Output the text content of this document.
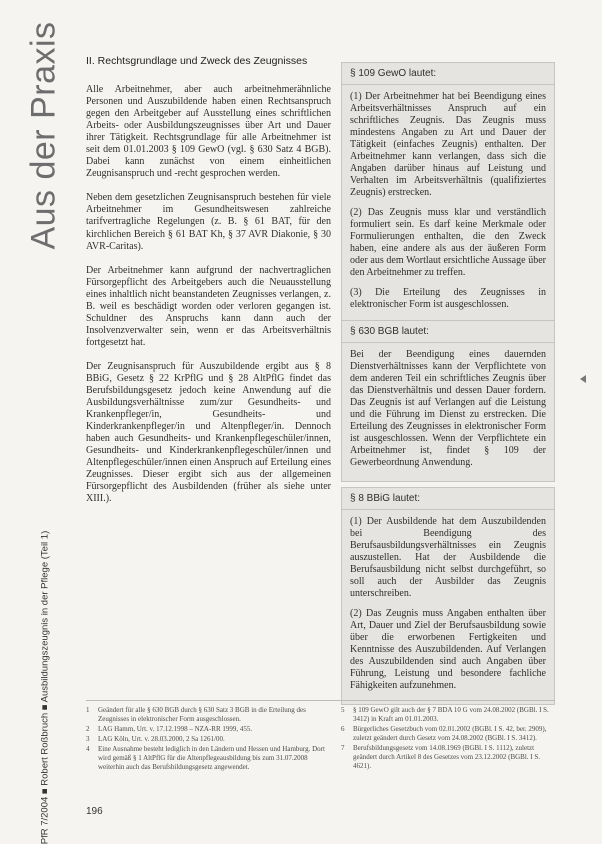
Aus der Praxis
PfR 7/2004 ■ Robert Roßbruch ■ Ausbildungszeugnis in der Pflege (Teil 1)	196
II. Rechtsgrundlage und Zweck des Zeugnisses

Alle Arbeitnehmer, aber auch arbeitnehmerähnliche Personen und Auszubildende haben einen Rechtsanspruch gegen den Arbeitgeber auf Ausstellung eines schriftlichen Arbeits- oder Ausbildungszeugnisses über Art und Dauer ihrer Tätigkeit. Rechtsgrundlage für alle Arbeitnehmer ist seit dem 01.01.2003 § 109 GewO (vgl. § 630 Satz 4 BGB). Dabei kann zunächst von einem einheitlichen Zeugnisanspruch und -recht gesprochen werden.

Neben dem gesetzlichen Zeugnisanspruch bestehen für viele Arbeitnehmer im Gesundheitswesen zahlreiche tarifvertragliche Regelungen (z. B. § 61 BAT, für den kirchlichen Bereich § 61 BAT Kh, § 37 AVR Diakonie, § 30 AVR-Caritas).

Der Arbeitnehmer kann aufgrund der nachvertraglichen Fürsorgepflicht des Arbeitgebers auch die Neuausstellung eines inhaltlich nicht beanstandeten Zeugnisses verlangen, z. B. weil es beschädigt worden oder verloren gegangen ist. Schuldner des Anspruchs kann dann auch der Insolvenzverwalter sein, wenn er das Arbeitsverhältnis fortgesetzt hat.

Der Zeugnisanspruch für Auszubildende ergibt aus § 8 BBiG, Gesetz § 22 KrPflG und § 28 AltPflG findet das Berufsbildungsgesetz jedoch keine Anwendung auf die Ausbildungsverhältnisse zum/zur Gesundheits- und Krankenpfleger/in, Gesundheits- und Kinderkrankenpfleger/in und Altenpfleger/in. Dennoch haben auch Gesundheits- und Krankenpflegeschüler/innen, Gesundheits- und Kinderkrankenpflegeschüler/innen und Altenpflegeschüler/innen einen Anspruch auf Erteilung eines Zeugnisses. Dieser ergibt sich aus der allgemeinen Fürsorgepflicht des Ausbildenden (früher als siehe unter XIII.).

§ 109 GewO lautet:

(1) Der Arbeitnehmer hat bei Beendigung eines Arbeitsverhältnisses Anspruch auf ein schriftliches Zeugnis. Das Zeugnis muss mindestens Angaben zu Art und Dauer der Tätigkeit (einfaches Zeugnis) enthalten. Der Arbeitnehmer kann verlangen, dass sich die Angaben darüber hinaus auf Leistung und Verhalten im Arbeitsverhältnis (qualifiziertes Zeugnis) erstrecken.

(2) Das Zeugnis muss klar und verständlich formuliert sein. Es darf keine Merkmale oder Formulierungen enthalten, die den Zweck haben, eine andere als aus der äußeren Form oder aus dem Wortlaut ersichtliche Aussage über den Arbeitnehmer zu treffen.

(3) Die Erteilung des Zeugnisses in elektronischer Form ist ausgeschlossen.

§ 630 BGB lautet:

Bei der Beendigung eines dauernden Dienstverhältnisses kann der Verpflichtete von dem anderen Teil ein schriftliches Zeugnis über das Dienstverhältnis und dessen Dauer fordern. Das Zeugnis ist auf Verlangen auf die Leistung und die Führung im Dienst zu erstrecken. Die Erteilung des Zeugnisses in elektronischer Form ist ausgeschlossen. Wenn der Verpflichtete ein Arbeitnehmer ist, findet § 109 der Gewerbeordnung Anwendung.

§ 8 BBiG lautet:

(1) Der Ausbildende hat dem Auszubildenden bei Beendigung des Berufsausbildungsverhältnisses ein Zeugnis auszustellen. Hat der Ausbildende die Berufsausbildung nicht selbst durchgeführt, so soll auch der Ausbilder das Zeugnis unterschreiben.

(2) Das Zeugnis muss Angaben enthalten über Art, Dauer und Ziel der Berufsausbildung sowie über die erworbenen Fertigkeiten und Kenntnisse des Auszubildenden. Auf Verlangen des Auszubildenden sind auch Angaben über Führung, Leistung und besondere fachliche Fähigkeiten aufzunehmen.

1	Geändert für alle § 630 BGB durch § 630 Satz 3 BGB in die Erteilung des Zeugnisses in elektronischer Form ausgeschlossen.
2	LAG Hamm, Urt. v. 17.12.1998 – NZA-RR 1999, 455.
3	LAG Köln, Urt. v. 28.03.2000, 2 Sa 1261/00.
4	Eine Ausnahme besteht lediglich in den Ländern und Hessen und Hamburg. Dort wird gemäß § 1 AltPflG für die Altenpflegeausbildung bis zum 31.07.2008 weiterhin auch das Berufsbildungsgesetz angewendet.
5	§ 109 GewO gilt auch der § 7 BDA 10 G vom 24.08.2002 (BGBl. I S. 3412) in Kraft am 01.01.2003.
6	Bürgerliches Gesetzbuch vom 02.01.2002 (BGBl. I S. 42, ber. 2909), zuletzt geändert durch Gesetz vom 24.08.2002 (BGBl. I S. 3412).
7	Berufsbildungsgesetz vom 14.08.1969 (BGBl. I S. 1112), zuletzt geändert durch Artikel 8 des Gesetzes vom 23.12.2002 (BGBl. I S. 4621).
